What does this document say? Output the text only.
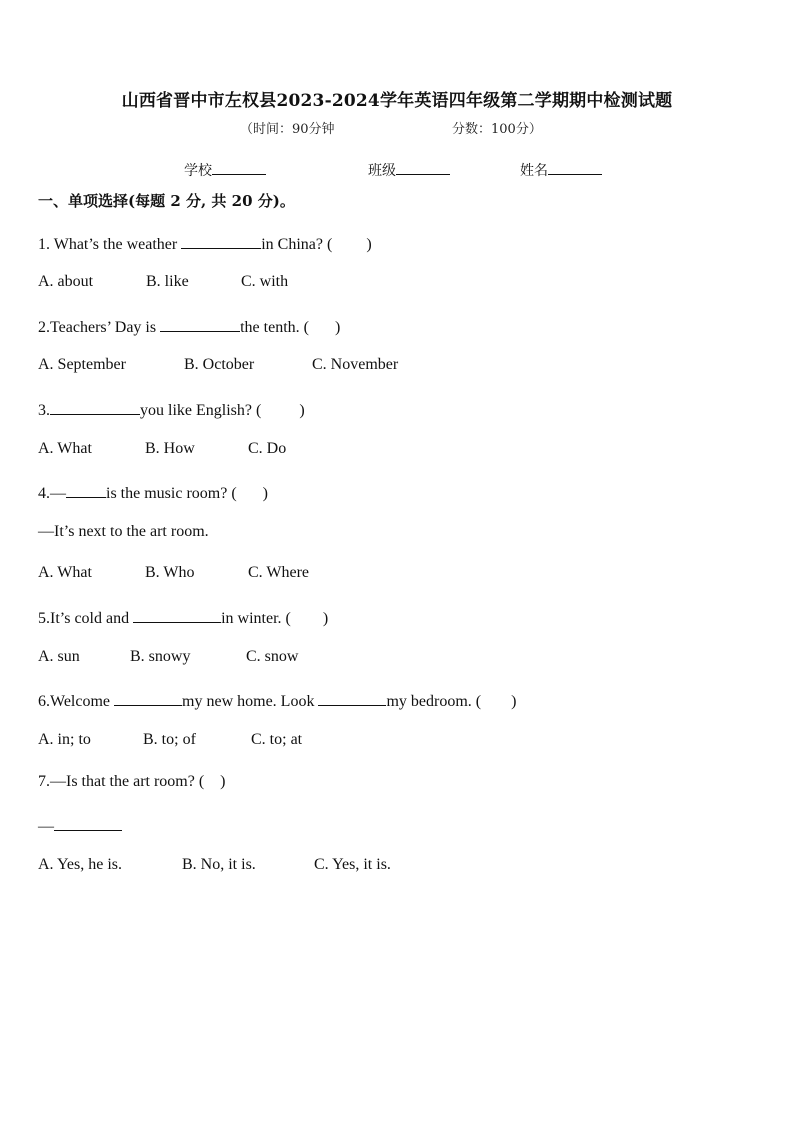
山西省晋中市左权县2023-2024学年英语四年级第二学期期中检测试题
（时间：90分钟	分数：100分）
学校	班级	姓名
一、单项选择(每题 2 分, 共 20 分)。
1. What’s the weather	in China? ( )
A. about	B. like	C. with
2.Teachers’ Day is	the tenth. ( )
A. September	B. October	C. November
3.	you like English? ( )
A. What	B. How	C. Do
4.—	is the music room? ( )
—It’s next to the art room.
A. What	B. Who	C. Where
5.It’s cold and	in winter. ( )
A. sun	B. snowy	C. snow
6.Welcome	my new home. Look	my bedroom. ( )
A. in; to	B. to; of	C. to; at
7.—Is that the art room? ( )
—
A. Yes, he is.	B. No, it is.	C. Yes, it is.
